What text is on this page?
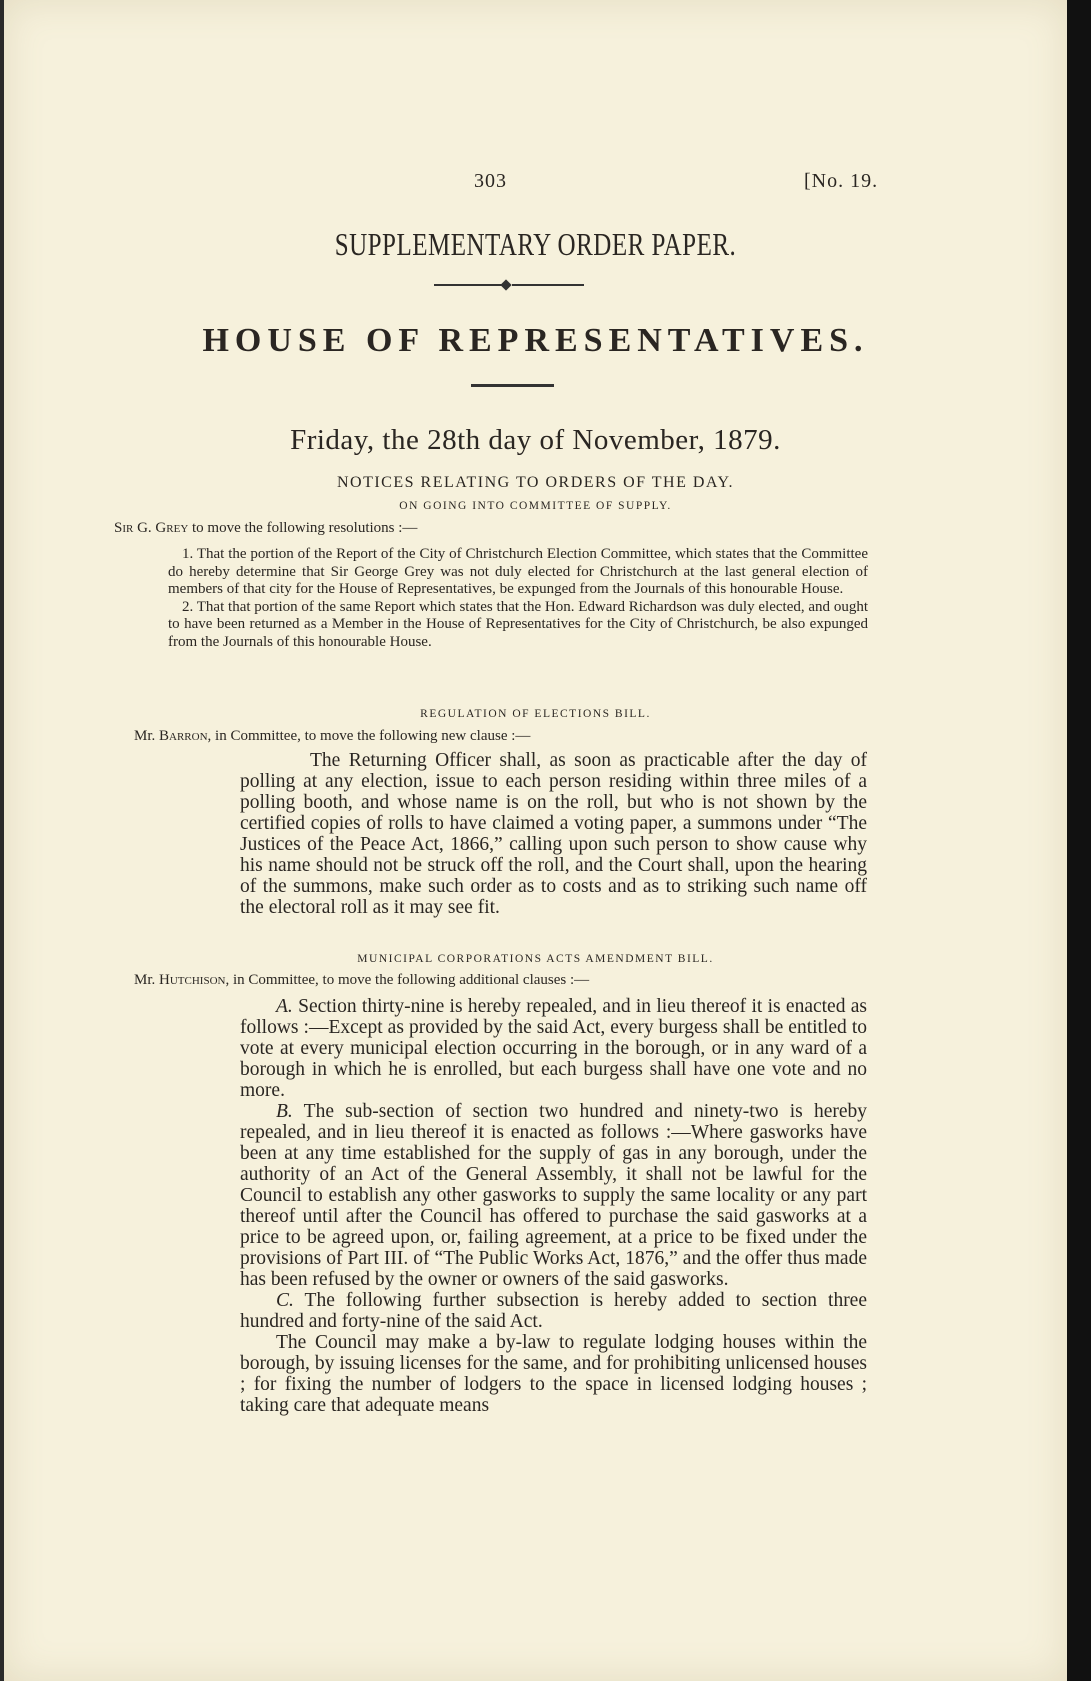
303	[No. 19.
SUPPLEMENTARY ORDER PAPER.
HOUSE OF REPRESENTATIVES.
Friday, the 28th day of November, 1879.
NOTICES RELATING TO ORDERS OF THE DAY.
ON GOING INTO COMMITTEE OF SUPPLY.
Sir G. Grey to move the following resolutions :—

1. That the portion of the Report of the City of Christchurch Election Committee, which states that the Committee do hereby determine that Sir George Grey was not duly elected for Christchurch at the last general election of members of that city for the House of Representatives, be expunged from the Journals of this honourable House.

2. That that portion of the same Report which states that the Hon. Edward Richardson was duly elected, and ought to have been returned as a Member in the House of Representatives for the City of Christchurch, be also expunged from the Journals of this honourable House.

REGULATION OF ELECTIONS BILL.
Mr. Barron, in Committee, to move the following new clause :—

The Returning Officer shall, as soon as practicable after the day of polling at any election, issue to each person residing within three miles of a polling booth, and whose name is on the roll, but who is not shown by the certified copies of rolls to have claimed a voting paper, a summons under “The Justices of the Peace Act, 1866,” calling upon such person to show cause why his name should not be struck off the roll, and the Court shall, upon the hearing of the summons, make such order as to costs and as to striking such name off the electoral roll as it may see fit.

MUNICIPAL CORPORATIONS ACTS AMENDMENT BILL.
Mr. Hutchison, in Committee, to move the following additional clauses :—

A. Section thirty-nine is hereby repealed, and in lieu thereof it is enacted as follows :—Except as provided by the said Act, every burgess shall be entitled to vote at every municipal election occurring in the borough, or in any ward of a borough in which he is enrolled, but each burgess shall have one vote and no more.

B. The sub-section of section two hundred and ninety-two is hereby repealed, and in lieu thereof it is enacted as follows :—Where gasworks have been at any time established for the supply of gas in any borough, under the authority of an Act of the General Assembly, it shall not be lawful for the Council to establish any other gasworks to supply the same locality or any part thereof until after the Council has offered to purchase the said gasworks at a price to be agreed upon, or, failing agreement, at a price to be fixed under the provisions of Part III. of “The Public Works Act, 1876,” and the offer thus made has been refused by the owner or owners of the said gasworks.

C. The following further subsection is hereby added to section three hundred and forty-nine of the said Act.

The Council may make a by-law to regulate lodging houses within the borough, by issuing licenses for the same, and for prohibiting unlicensed houses ; for fixing the number of lodgers to the space in licensed lodging houses ; taking care that adequate means
